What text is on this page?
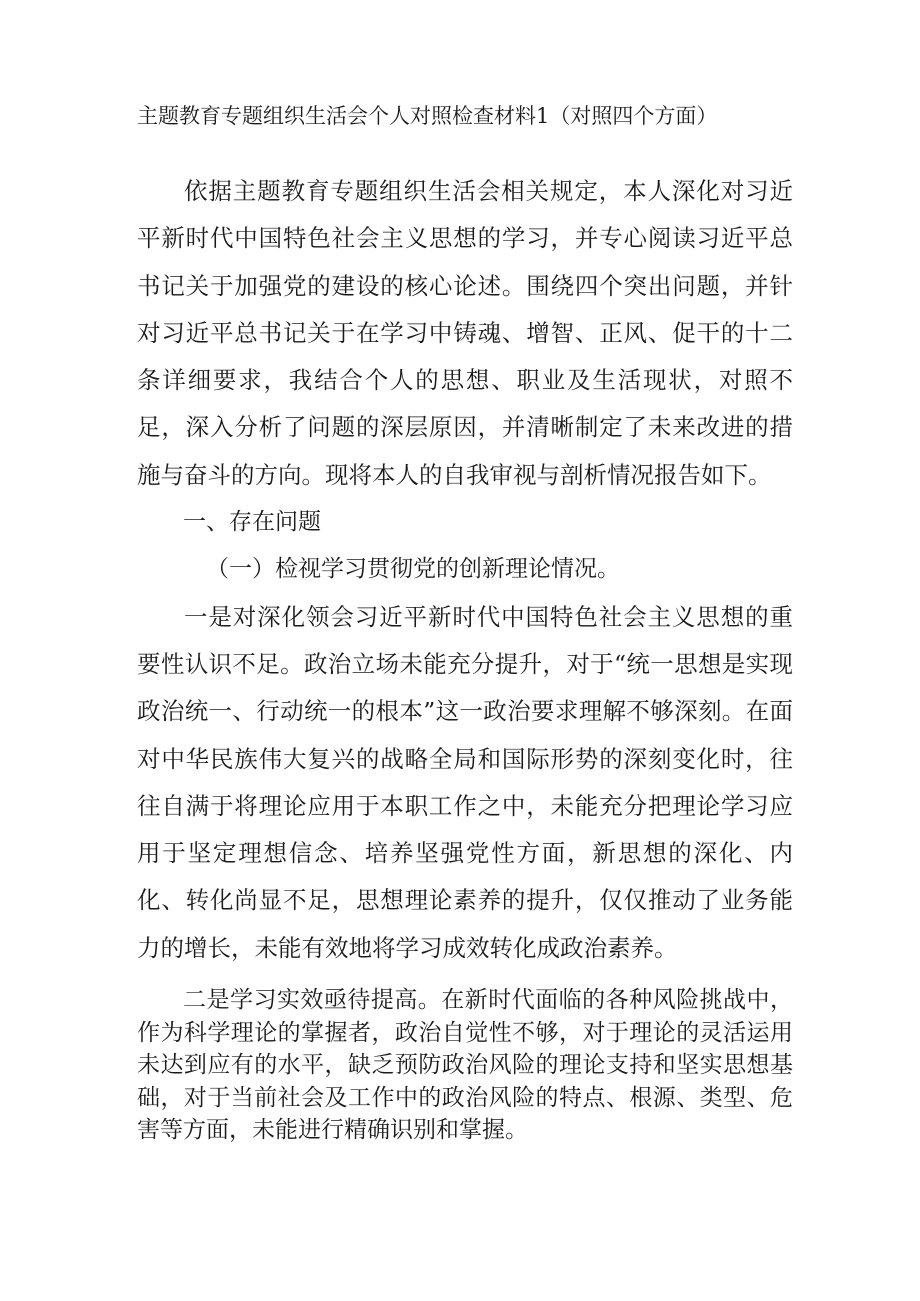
主题教育专题组织生活会个人对照检查材料1（对照四个方面）

依据主题教育专题组织生活会相关规定，本人深化对习近平新时代中国特色社会主义思想的学习，并专心阅读习近平总书记关于加强党的建设的核心论述。围绕四个突出问题，并针对习近平总书记关于在学习中铸魂、增智、正风、促干的十二条详细要求，我结合个人的思想、职业及生活现状，对照不足，深入分析了问题的深层原因，并清晰制定了未来改进的措施与奋斗的方向。现将本人的自我审视与剖析情况报告如下。

一、存在问题

（一）检视学习贯彻党的创新理论情况。

一是对深化领会习近平新时代中国特色社会主义思想的重要性认识不足。政治立场未能充分提升，对于“统一思想是实现政治统一、行动统一的根本”这一政治要求理解不够深刻。在面对中华民族伟大复兴的战略全局和国际形势的深刻变化时，往往自满于将理论应用于本职工作之中，未能充分把理论学习应用于坚定理想信念、培养坚强党性方面，新思想的深化、内化、转化尚显不足，思想理论素养的提升，仅仅推动了业务能力的增长，未能有效地将学习成效转化成政治素养。

二是学习实效亟待提高。在新时代面临的各种风险挑战中，作为科学理论的掌握者，政治自觉性不够，对于理论的灵活运用未达到应有的水平，缺乏预防政治风险的理论支持和坚实思想基础，对于当前社会及工作中的政治风险的特点、根源、类型、危害等方面，未能进行精确识别和掌握。
